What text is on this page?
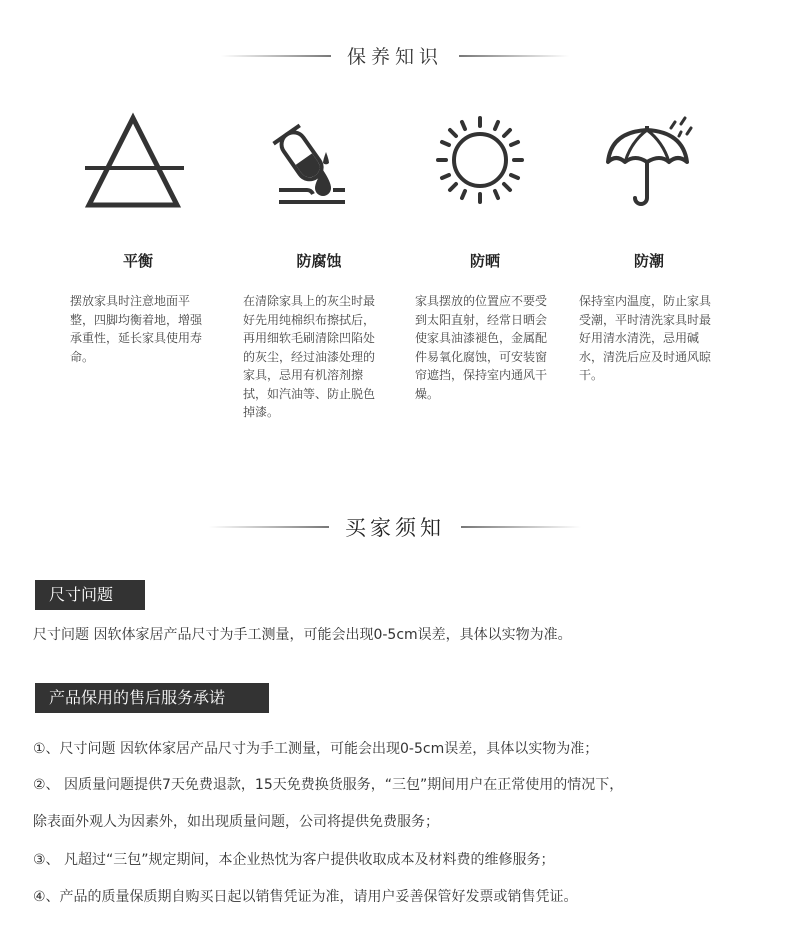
保养知识
平衡
摆放家具时注意地面平整，四脚均衡着地，增强承重性，延长家具使用寿命。
防腐蚀
在清除家具上的灰尘时最好先用纯棉织布擦拭后，再用细软毛刷清除凹陷处的灰尘，经过油漆处理的家具，忌用有机溶剂擦拭，如汽油等、防止脱色掉漆。
防晒
家具摆放的位置应不要受到太阳直射，经常日晒会使家具油漆褪色，金属配件易氧化腐蚀，可安装窗帘遮挡，保持室内通风干燥。
防潮
保持室内温度，防止家具受潮，平时清洗家具时最好用清水清洗，忌用碱水，清洗后应及时通风晾干。
买家须知
尺寸问题
尺寸问题 因软体家居产品尺寸为手工测量，可能会出现0-5cm误差，具体以实物为准。
产品保用的售后服务承诺
①、尺寸问题 因软体家居产品尺寸为手工测量，可能会出现0-5cm误差，具体以实物为准；
②、 因质量问题提供7天免费退款，15天免费换货服务，“三包”期间用户在正常使用的情况下，
除表面外观人为因素外，如出现质量问题，公司将提供免费服务；
③、 凡超过“三包”规定期间，本企业热忱为客户提供收取成本及材料费的维修服务；
④、产品的质量保质期自购买日起以销售凭证为准，请用户妥善保管好发票或销售凭证。
